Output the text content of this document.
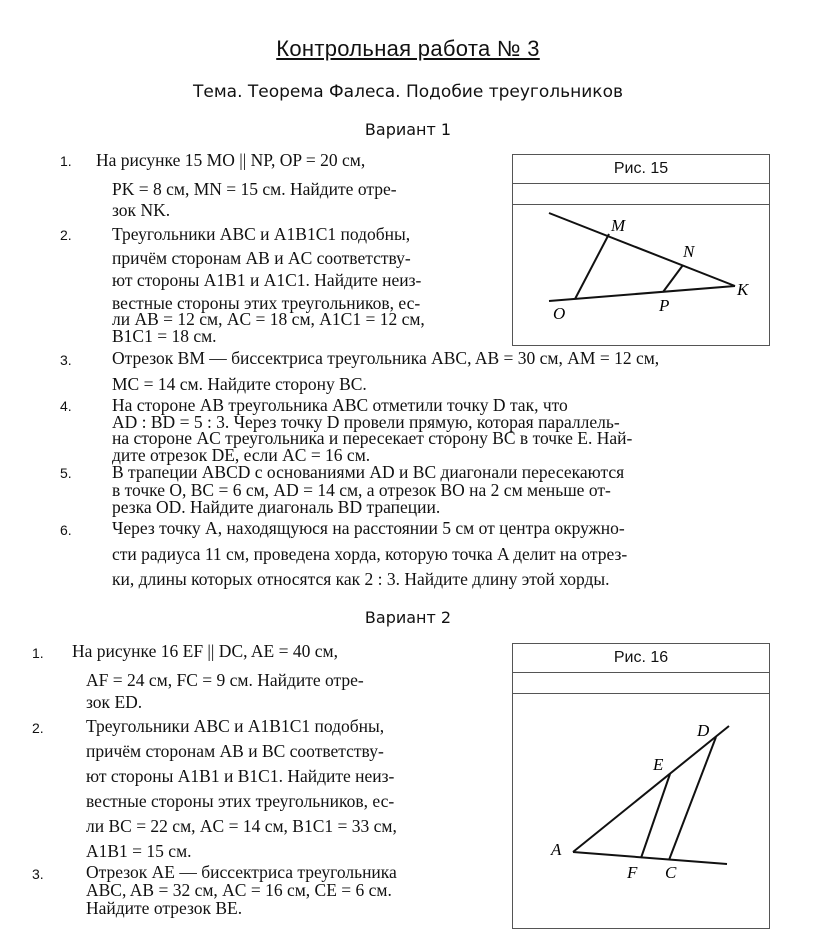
Контрольная работа № 3
Тема. Теорема Фалеса. Подобие треугольников
Вариант 1
Рис. 15
M
N
K
O	P
1. На рисунке 15 MO || NP, OP = 20 см,
PK = 8 см, MN = 15 см. Найдите отре-
зок NK.
2. Треугольники ABC и A1B1C1 подобны,
причём сторонам AB и AC соответству-
ют стороны A1B1 и A1C1. Найдите неиз-
вестные стороны этих треугольников, ес-
ли AB = 12 см, AC = 18 см, A1C1 = 12 см,
B1C1 = 18 см.
3. Отрезок BM — биссектриса треугольника ABC, AB = 30 см, AM = 12 см,
MC = 14 см. Найдите сторону BC.
4. На стороне AB треугольника ABC отметили точку D так, что
AD : BD = 5 : 3. Через точку D провели прямую, которая параллель-
на стороне AC треугольника и пересекает сторону BC в точке E. Най-
дите отрезок DE, если AC = 16 см.
5. В трапеции ABCD с основаниями AD и BC диагонали пересекаются
в точке O, BC = 6 см, AD = 14 см, а отрезок BO на 2 см меньше от-
резка OD. Найдите диагональ BD трапеции.
6. Через точку A, находящуюся на расстоянии 5 см от центра окружно-
сти радиуса 11 см, проведена хорда, которую точка A делит на отрез-
ки, длины которых относятся как 2 : 3. Найдите длину этой хорды.
Вариант 2
Рис. 16
D
E
A
F C
1. На рисунке 16 EF || DC, AE = 40 см,
AF = 24 см, FC = 9 см. Найдите отре-
зок ED.
2. Треугольники ABC и A1B1C1 подобны,
причём сторонам AB и BC соответству-
ют стороны A1B1 и B1C1. Найдите неиз-
вестные стороны этих треугольников, ес-
ли BC = 22 см, AC = 14 см, B1C1 = 33 см,
A1B1 = 15 см.
3. Отрезок AE — биссектриса треугольника
ABC, AB = 32 см, AC = 16 см, CE = 6 см.
Найдите отрезок BE.
